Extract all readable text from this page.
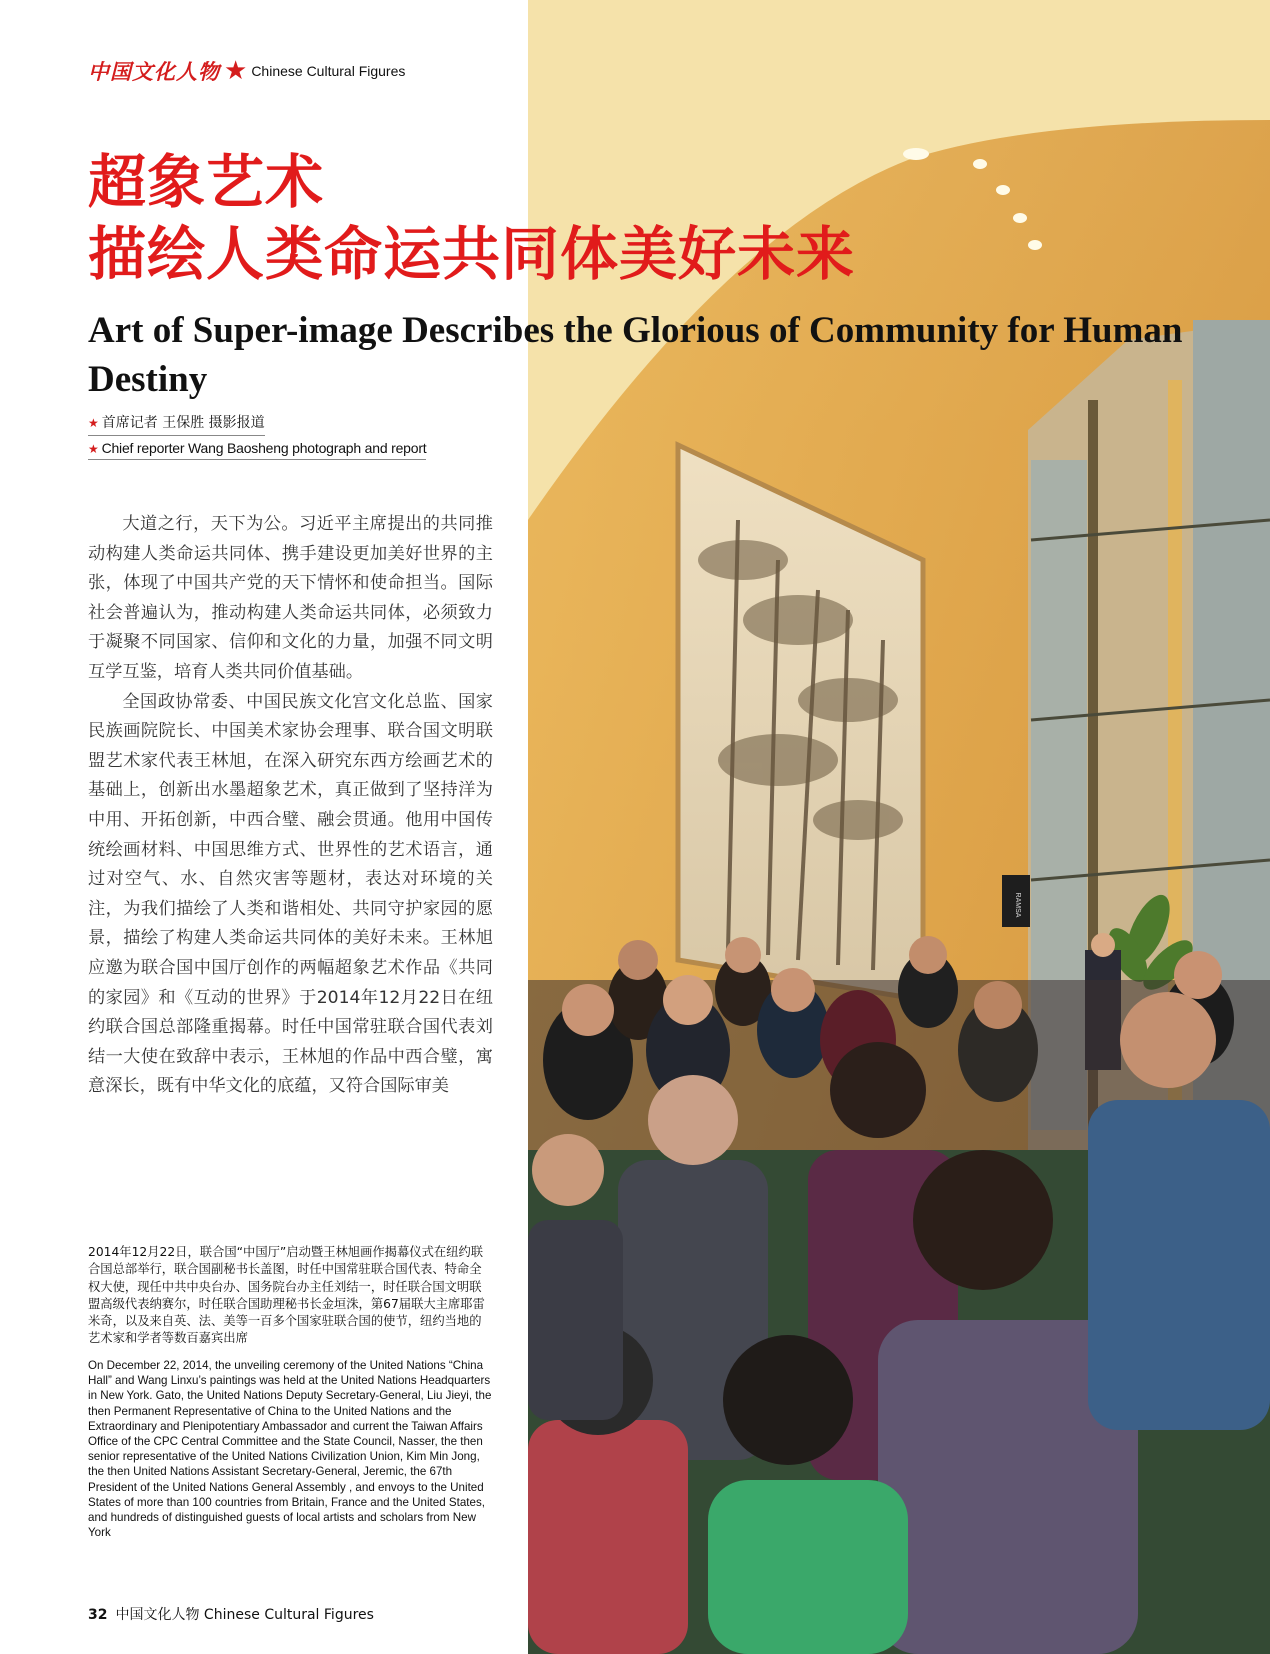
RAMSA
中国文化人物 ★ Chinese Cultural Figures
超象艺术
描绘人类命运共同体美好未来
Art of Super-image Describes the Glorious of Community for Human Destiny
★ 首席记者 王保胜 摄影报道
★ Chief reporter Wang Baosheng photograph and report

大道之行，天下为公。习近平主席提出的共同推动构建人类命运共同体、携手建设更加美好世界的主张，体现了中国共产党的天下情怀和使命担当。国际社会普遍认为，推动构建人类命运共同体，必须致力于凝聚不同国家、信仰和文化的力量，加强不同文明互学互鉴，培育人类共同价值基础。

全国政协常委、中国民族文化宫文化总监、国家民族画院院长、中国美术家协会理事、联合国文明联盟艺术家代表王林旭，在深入研究东西方绘画艺术的基础上，创新出水墨超象艺术，真正做到了坚持洋为中用、开拓创新，中西合璧、融会贯通。他用中国传统绘画材料、中国思维方式、世界性的艺术语言，通过对空气、水、自然灾害等题材，表达对环境的关注，为我们描绘了人类和谐相处、共同守护家园的愿景，描绘了构建人类命运共同体的美好未来。王林旭应邀为联合国中国厅创作的两幅超象艺术作品《共同的家园》和《互动的世界》于2014年12月22日在纽约联合国总部隆重揭幕。时任中国常驻联合国代表刘结一大使在致辞中表示，王林旭的作品中西合璧，寓意深长，既有中华文化的底蕴，又符合国际审美

2014年12月22日，联合国“中国厅”启动暨王林旭画作揭幕仪式在纽约联合国总部举行，联合国副秘书长盖图，时任中国常驻联合国代表、特命全权大使，现任中共中央台办、国务院台办主任刘结一，时任联合国文明联盟高级代表纳赛尔，时任联合国助理秘书长金垣洙，第67届联大主席耶雷米奇，以及来自英、法、美等一百多个国家驻联合国的使节，纽约当地的艺术家和学者等数百嘉宾出席

On December 22, 2014, the unveiling ceremony of the United Nations “China Hall” and Wang Linxu’s paintings was held at the United Nations Headquarters in New York. Gato, the United Nations Deputy Secretary-General, Liu Jieyi, the then Permanent Representative of China to the United Nations and the Extraordinary and Plenipotentiary Ambassador and current the Taiwan Affairs Office of the CPC Central Committee and the State Council, Nasser, the then senior representative of the United Nations Civilization Union, Kim Min Jong, the then United Nations Assistant Secretary-General, Jeremic, the 67th President of the United Nations General Assembly , and envoys to the United States of more than 100 countries from Britain, France and the United States, and hundreds of distinguished guests of local artists and scholars from New York

32 中国文化人物 Chinese Cultural Figures
